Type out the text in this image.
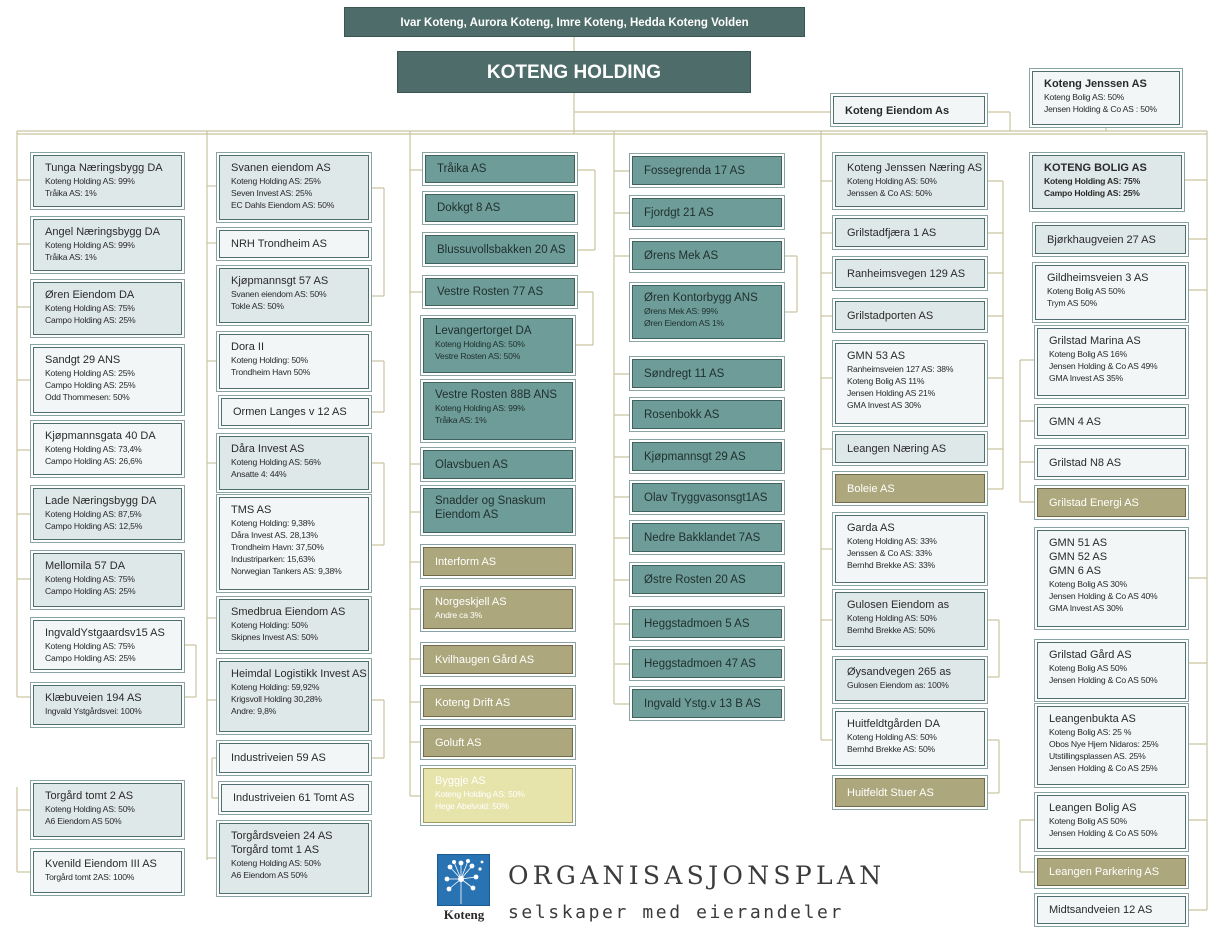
Ivar Koteng, Aurora Koteng, Imre Koteng, Hedda Koteng Volden
KOTENG HOLDING
Koteng Eiendom As
Koteng Jenssen AS
Koteng Bolig AS: 50%
Jensen Holding & Co AS : 50%
Tunga Næringsbygg DA
Koteng Holding AS: 99%
Tråika AS: 1%
Angel Næringsbygg DA
Koteng Holding AS: 99%
Tråika AS: 1%
Øren Eiendom DA
Koteng Holding AS: 75%
Campo Holding AS: 25%
Sandgt 29 ANS
Koteng Holding AS: 25%
Campo Holding AS: 25%
Odd Thommesen: 50%
Kjøpmannsgata 40 DA
Koteng Holding AS: 73,4%
Campo Holding AS: 26,6%
Lade Næringsbygg DA
Koteng Holding AS: 87,5%
Campo Holding AS: 12,5%
Mellomila 57 DA
Koteng Holding AS: 75%
Campo Holding AS: 25%
IngvaldYstgaardsv15 AS
Koteng Holding AS: 75%
Campo Holding AS: 25%
Klæbuveien 194 AS
Ingvald Ystgårdsvei: 100%
Torgård tomt 2 AS
Koteng Holding AS: 50%
A6 Eiendom AS 50%
Kvenild Eiendom III AS
Torgård tomt 2AS: 100%
Svanen eiendom AS
Koteng Holding AS: 25%
Seven Invest AS: 25%
EC Dahls Eiendom AS: 50%
NRH Trondheim AS
Kjøpmannsgt 57 AS
Svanen eiendom AS: 50%
Tokle AS: 50%
Dora II
Koteng Holding: 50%
Trondheim Havn 50%
Ormen Langes v 12 AS
Dåra Invest AS
Koteng Holding AS: 56%
Ansatte 4: 44%
TMS AS
Koteng Holding: 9,38%
Dåra Invest AS. 28,13%
Trondheim Havn: 37,50%
Industriparken: 15,63%
Norwegian Tankers AS: 9,38%
Smedbrua Eiendom AS
Koteng Holding: 50%
Skipnes Invest AS: 50%
Heimdal Logistikk Invest AS
Koteng Holding: 59,92%
Krigsvoll Holding 30,28%
Andre: 9,8%
Industriveien 59 AS
Industriveien 61 Tomt AS
Torgårdsveien 24 AS
Torgård tomt 1 AS
Koteng Holding AS: 50%
A6 Eiendom AS 50%
Tråika AS
Dokkgt 8 AS
Blussuvollsbakken 20 AS
Vestre Rosten 77 AS
Levangertorget DA
Koteng Holding AS: 50%
Vestre Rosten AS: 50%
Vestre Rosten 88B ANS
Koteng Holding AS: 99%
Tråika AS: 1%
Olavsbuen AS
Snadder og Snaskum
Eiendom AS
Interform AS
Norgeskjell AS
Andre ca 3%
Kvilhaugen Gård AS
Koteng Drift AS
Goluft AS
Byggje AS
Koteng Holding AS: 50%
Hege Abelvold: 50%
Fossegrenda 17 AS
Fjordgt 21 AS
Ørens Mek AS
Øren Kontorbygg ANS
Ørens Mek AS: 99%
Øren Eiendom AS 1%
Søndregt 11 AS
Rosenbokk AS
Kjøpmannsgt 29 AS
Olav Tryggvasonsgt1AS
Nedre Bakklandet 7AS
Østre Rosten 20 AS
Heggstadmoen 5 AS
Heggstadmoen 47 AS
Ingvald Ystg.v 13 B AS
Koteng Jenssen Næring AS
Koteng Holding AS: 50%
Jenssen & Co AS: 50%
Grilstadfjæra 1 AS
Ranheimsvegen 129 AS
Grilstadporten AS
GMN 53 AS
Ranheimsveien 127 AS: 38%
Koteng Bolig AS 11%
Jensen Holding AS 21%
GMA Invest AS 30%
Leangen Næring AS
Boleie AS
Garda AS
Koteng Holding AS: 33%
Jenssen & Co AS: 33%
Bernhd Brekke AS: 33%
Gulosen Eiendom as
Koteng Holding AS: 50%
Bernhd Brekke AS: 50%
Øysandvegen 265 as
Gulosen Eiendom as: 100%
Huitfeldtgården DA
Koteng Holding AS: 50%
Bernhd Brekke AS: 50%
Huitfeldt Stuer AS
KOTENG BOLIG AS
Koteng Holding AS: 75%
Campo Holding AS: 25%
Bjørkhaugveien 27 AS
Gildheimsveien 3 AS
Koteng Bolig AS 50%
Trym AS 50%
Grilstad Marina AS
Koteng Bolig AS 16%
Jensen Holding & Co AS 49%
GMA Invest AS 35%
GMN 4 AS
Grilstad N8 AS
Grilstad Energi AS
GMN 51 AS
GMN 52 AS
GMN 6 AS
Koteng Bolig AS 30%
Jensen Holding & Co AS 40%
GMA Invest AS 30%
Grilstad Gård AS
Koteng Bolig AS 50%
Jensen Holding & Co AS 50%
Leangenbukta AS
Koteng Bolig AS: 25 %
Obos Nye Hjem Nidaros: 25%
Utstillingsplassen AS. 25%
Jensen Holding & Co AS 25%
Leangen Bolig AS
Koteng Bolig AS 50%
Jensen Holding & Co AS 50%
Leangen Parkering AS
Midtsandveien 12 AS
Koteng
ORGANISASJONSPLAN
selskaper med eierandeler
